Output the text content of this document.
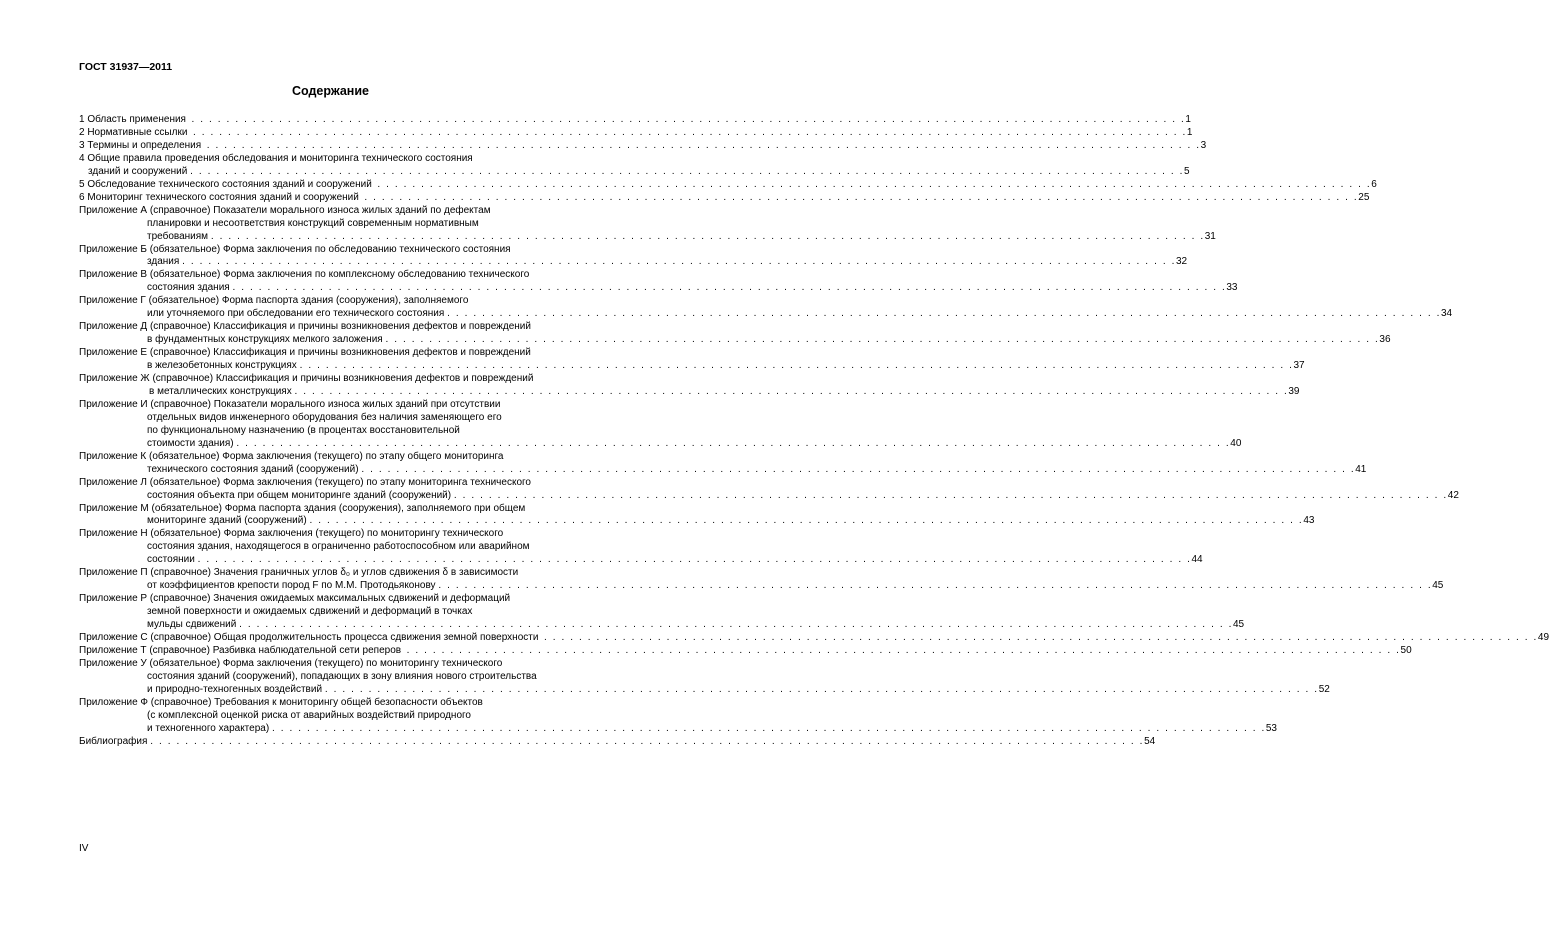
ГОСТ 31937—2011
Содержание
1 Область применения . . . . . . . . . . . . . . . . . . . . . . . . . . . . . . . . . . . . . . . . . . . . . . . . . . . . . . . . . . . . . . . . . . . . . . . . . . . . . . . . . . . . . . . . . . . . . . . . . . . . . . . . . . . . . . . . . . 1
2 Нормативные ссылки . . . . . . . . . . . . . . . . . . . . . . . . . . . . . . . . . . . . . . . . . . . . . . . . . . . . . . . . . . . . . . . . . . . . . . . . . . . . . . . . . . . . . . . . . . . . . . . . . . . . . . . . . . . . . . . . . . 1
3 Термины и определения . . . . . . . . . . . . . . . . . . . . . . . . . . . . . . . . . . . . . . . . . . . . . . . . . . . . . . . . . . . . . . . . . . . . . . . . . . . . . . . . . . . . . . . . . . . . . . . . . . . . . . . . . . . . . . . . . . 3
4 Общие правила проведения обследования и мониторинга технического состояния
зданий и сооружений . . . . . . . . . . . . . . . . . . . . . . . . . . . . . . . . . . . . . . . . . . . . . . . . . . . . . . . . . . . . . . . . . . . . . . . . . . . . . . . . . . . . . . . . . . . . . . . . . . . . . . . . . . . . . . . . . . 5
5 Обследование технического состояния зданий и сооружений . . . . . . . . . . . . . . . . . . . . . . . . . . . . . . . . . . . . . . . . . . . . . . . . . . . . . . . . . . . . . . . . . . . . . . . . . . . . . . . . . . . . . . . . . . . . . . . . . . . . . . . . . . . . . . . . . . 6
6 Мониторинг технического состояния зданий и сооружений . . . . . . . . . . . . . . . . . . . . . . . . . . . . . . . . . . . . . . . . . . . . . . . . . . . . . . . . . . . . . . . . . . . . . . . . . . . . . . . . . . . . . . . . . . . . . . . . . . . . . . . . . . . . . . . . . . 25
Приложение А (справочное) Показатели морального износа жилых зданий по дефектам
планировки и несоответствия конструкций современным нормативным
требованиям . . . . . . . . . . . . . . . . . . . . . . . . . . . . . . . . . . . . . . . . . . . . . . . . . . . . . . . . . . . . . . . . . . . . . . . . . . . . . . . . . . . . . . . . . . . . . . . . . . . . . . . . . . . . . . . . . . 31
Приложение Б (обязательное) Форма заключения по обследованию технического состояния
здания . . . . . . . . . . . . . . . . . . . . . . . . . . . . . . . . . . . . . . . . . . . . . . . . . . . . . . . . . . . . . . . . . . . . . . . . . . . . . . . . . . . . . . . . . . . . . . . . . . . . . . . . . . . . . . . . . . 32
Приложение В (обязательное) Форма заключения по комплексному обследованию технического
состояния здания . . . . . . . . . . . . . . . . . . . . . . . . . . . . . . . . . . . . . . . . . . . . . . . . . . . . . . . . . . . . . . . . . . . . . . . . . . . . . . . . . . . . . . . . . . . . . . . . . . . . . . . . . . . . . . . . . . 33
Приложение Г (обязательное) Форма паспорта здания (сооружения), заполняемого
или уточняемого при обследовании его технического состояния . . . . . . . . . . . . . . . . . . . . . . . . . . . . . . . . . . . . . . . . . . . . . . . . . . . . . . . . . . . . . . . . . . . . . . . . . . . . . . . . . . . . . . . . . . . . . . . . . . . . . . . . . . . . . . . . . . 34
Приложение Д (справочное) Классификация и причины возникновения дефектов и повреждений
в фундаментных конструкциях мелкого заложения . . . . . . . . . . . . . . . . . . . . . . . . . . . . . . . . . . . . . . . . . . . . . . . . . . . . . . . . . . . . . . . . . . . . . . . . . . . . . . . . . . . . . . . . . . . . . . . . . . . . . . . . . . . . . . . . . . 36
Приложение Е (справочное) Классификация и причины возникновения дефектов и повреждений
в железобетонных конструкциях . . . . . . . . . . . . . . . . . . . . . . . . . . . . . . . . . . . . . . . . . . . . . . . . . . . . . . . . . . . . . . . . . . . . . . . . . . . . . . . . . . . . . . . . . . . . . . . . . . . . . . . . . . . . . . . . . . 37
Приложение Ж (справочное) Классификация и причины возникновения дефектов и повреждений
в металлических конструкциях . . . . . . . . . . . . . . . . . . . . . . . . . . . . . . . . . . . . . . . . . . . . . . . . . . . . . . . . . . . . . . . . . . . . . . . . . . . . . . . . . . . . . . . . . . . . . . . . . . . . . . . . . . . . . . . . . . 39
Приложение И (справочное) Показатели морального износа жилых зданий при отсутствии
отдельных видов инженерного оборудования без наличия заменяющего его
по функциональному назначению (в процентах восстановительной
стоимости здания) . . . . . . . . . . . . . . . . . . . . . . . . . . . . . . . . . . . . . . . . . . . . . . . . . . . . . . . . . . . . . . . . . . . . . . . . . . . . . . . . . . . . . . . . . . . . . . . . . . . . . . . . . . . . . . . . . . 40
Приложение К (обязательное) Форма заключения (текущего) по этапу общего мониторинга
технического состояния зданий (сооружений) . . . . . . . . . . . . . . . . . . . . . . . . . . . . . . . . . . . . . . . . . . . . . . . . . . . . . . . . . . . . . . . . . . . . . . . . . . . . . . . . . . . . . . . . . . . . . . . . . . . . . . . . . . . . . . . . . . 41
Приложение Л (обязательное) Форма заключения (текущего) по этапу мониторинга технического
состояния объекта при общем мониторинге зданий (сооружений) . . . . . . . . . . . . . . . . . . . . . . . . . . . . . . . . . . . . . . . . . . . . . . . . . . . . . . . . . . . . . . . . . . . . . . . . . . . . . . . . . . . . . . . . . . . . . . . . . . . . . . . . . . . . . . . . . . 42
Приложение М (обязательное) Форма паспорта здания (сооружения), заполняемого при общем
мониторинге зданий (сооружений) . . . . . . . . . . . . . . . . . . . . . . . . . . . . . . . . . . . . . . . . . . . . . . . . . . . . . . . . . . . . . . . . . . . . . . . . . . . . . . . . . . . . . . . . . . . . . . . . . . . . . . . . . . . . . . . . . . 43
Приложение Н (обязательное) Форма заключения (текущего) по мониторингу технического
состояния здания, находящегося в ограниченно работоспособном или аварийном
состоянии . . . . . . . . . . . . . . . . . . . . . . . . . . . . . . . . . . . . . . . . . . . . . . . . . . . . . . . . . . . . . . . . . . . . . . . . . . . . . . . . . . . . . . . . . . . . . . . . . . . . . . . . . . . . . . . . . . 44
Приложение П (справочное) Значения граничных углов δ₀ и углов сдвижения δ в зависимости
от коэффициентов крепости пород F по М.М. Протодьяконову . . . . . . . . . . . . . . . . . . . . . . . . . . . . . . . . . . . . . . . . . . . . . . . . . . . . . . . . . . . . . . . . . . . . . . . . . . . . . . . . . . . . . . . . . . . . . . . . . . . . . . . . . . . . . . . . . . 45
Приложение Р (справочное) Значения ожидаемых максимальных сдвижений и деформаций
земной поверхности и ожидаемых сдвижений и деформаций в точках
мульды сдвижений . . . . . . . . . . . . . . . . . . . . . . . . . . . . . . . . . . . . . . . . . . . . . . . . . . . . . . . . . . . . . . . . . . . . . . . . . . . . . . . . . . . . . . . . . . . . . . . . . . . . . . . . . . . . . . . . . . 45
Приложение С (справочное) Общая продолжительность процесса сдвижения земной поверхности . . . . . . . . . . . . . . . . . . . . . . . . . . . . . . . . . . . . . . . . . . . . . . . . . . . . . . . . . . . . . . . . . . . . . . . . . . . . . . . . . . . . . . . . . . . . . . . . . . . . . . . . . . . . . . . . . . 49
Приложение Т (справочное) Разбивка наблюдательной сети реперов . . . . . . . . . . . . . . . . . . . . . . . . . . . . . . . . . . . . . . . . . . . . . . . . . . . . . . . . . . . . . . . . . . . . . . . . . . . . . . . . . . . . . . . . . . . . . . . . . . . . . . . . . . . . . . . . . . 50
Приложение У (обязательное) Форма заключения (текущего) по мониторингу технического
состояния зданий (сооружений), попадающих в зону влияния нового строительства
и природно-техногенных воздействий . . . . . . . . . . . . . . . . . . . . . . . . . . . . . . . . . . . . . . . . . . . . . . . . . . . . . . . . . . . . . . . . . . . . . . . . . . . . . . . . . . . . . . . . . . . . . . . . . . . . . . . . . . . . . . . . . . 52
Приложение Ф (справочное) Требования к мониторингу общей безопасности объектов
(с комплексной оценкой риска от аварийных воздействий природного
и техногенного характера) . . . . . . . . . . . . . . . . . . . . . . . . . . . . . . . . . . . . . . . . . . . . . . . . . . . . . . . . . . . . . . . . . . . . . . . . . . . . . . . . . . . . . . . . . . . . . . . . . . . . . . . . . . . . . . . . . . 53
Библиография . . . . . . . . . . . . . . . . . . . . . . . . . . . . . . . . . . . . . . . . . . . . . . . . . . . . . . . . . . . . . . . . . . . . . . . . . . . . . . . . . . . . . . . . . . . . . . . . . . . . . . . . . . . . . . . . . . 54
IV
